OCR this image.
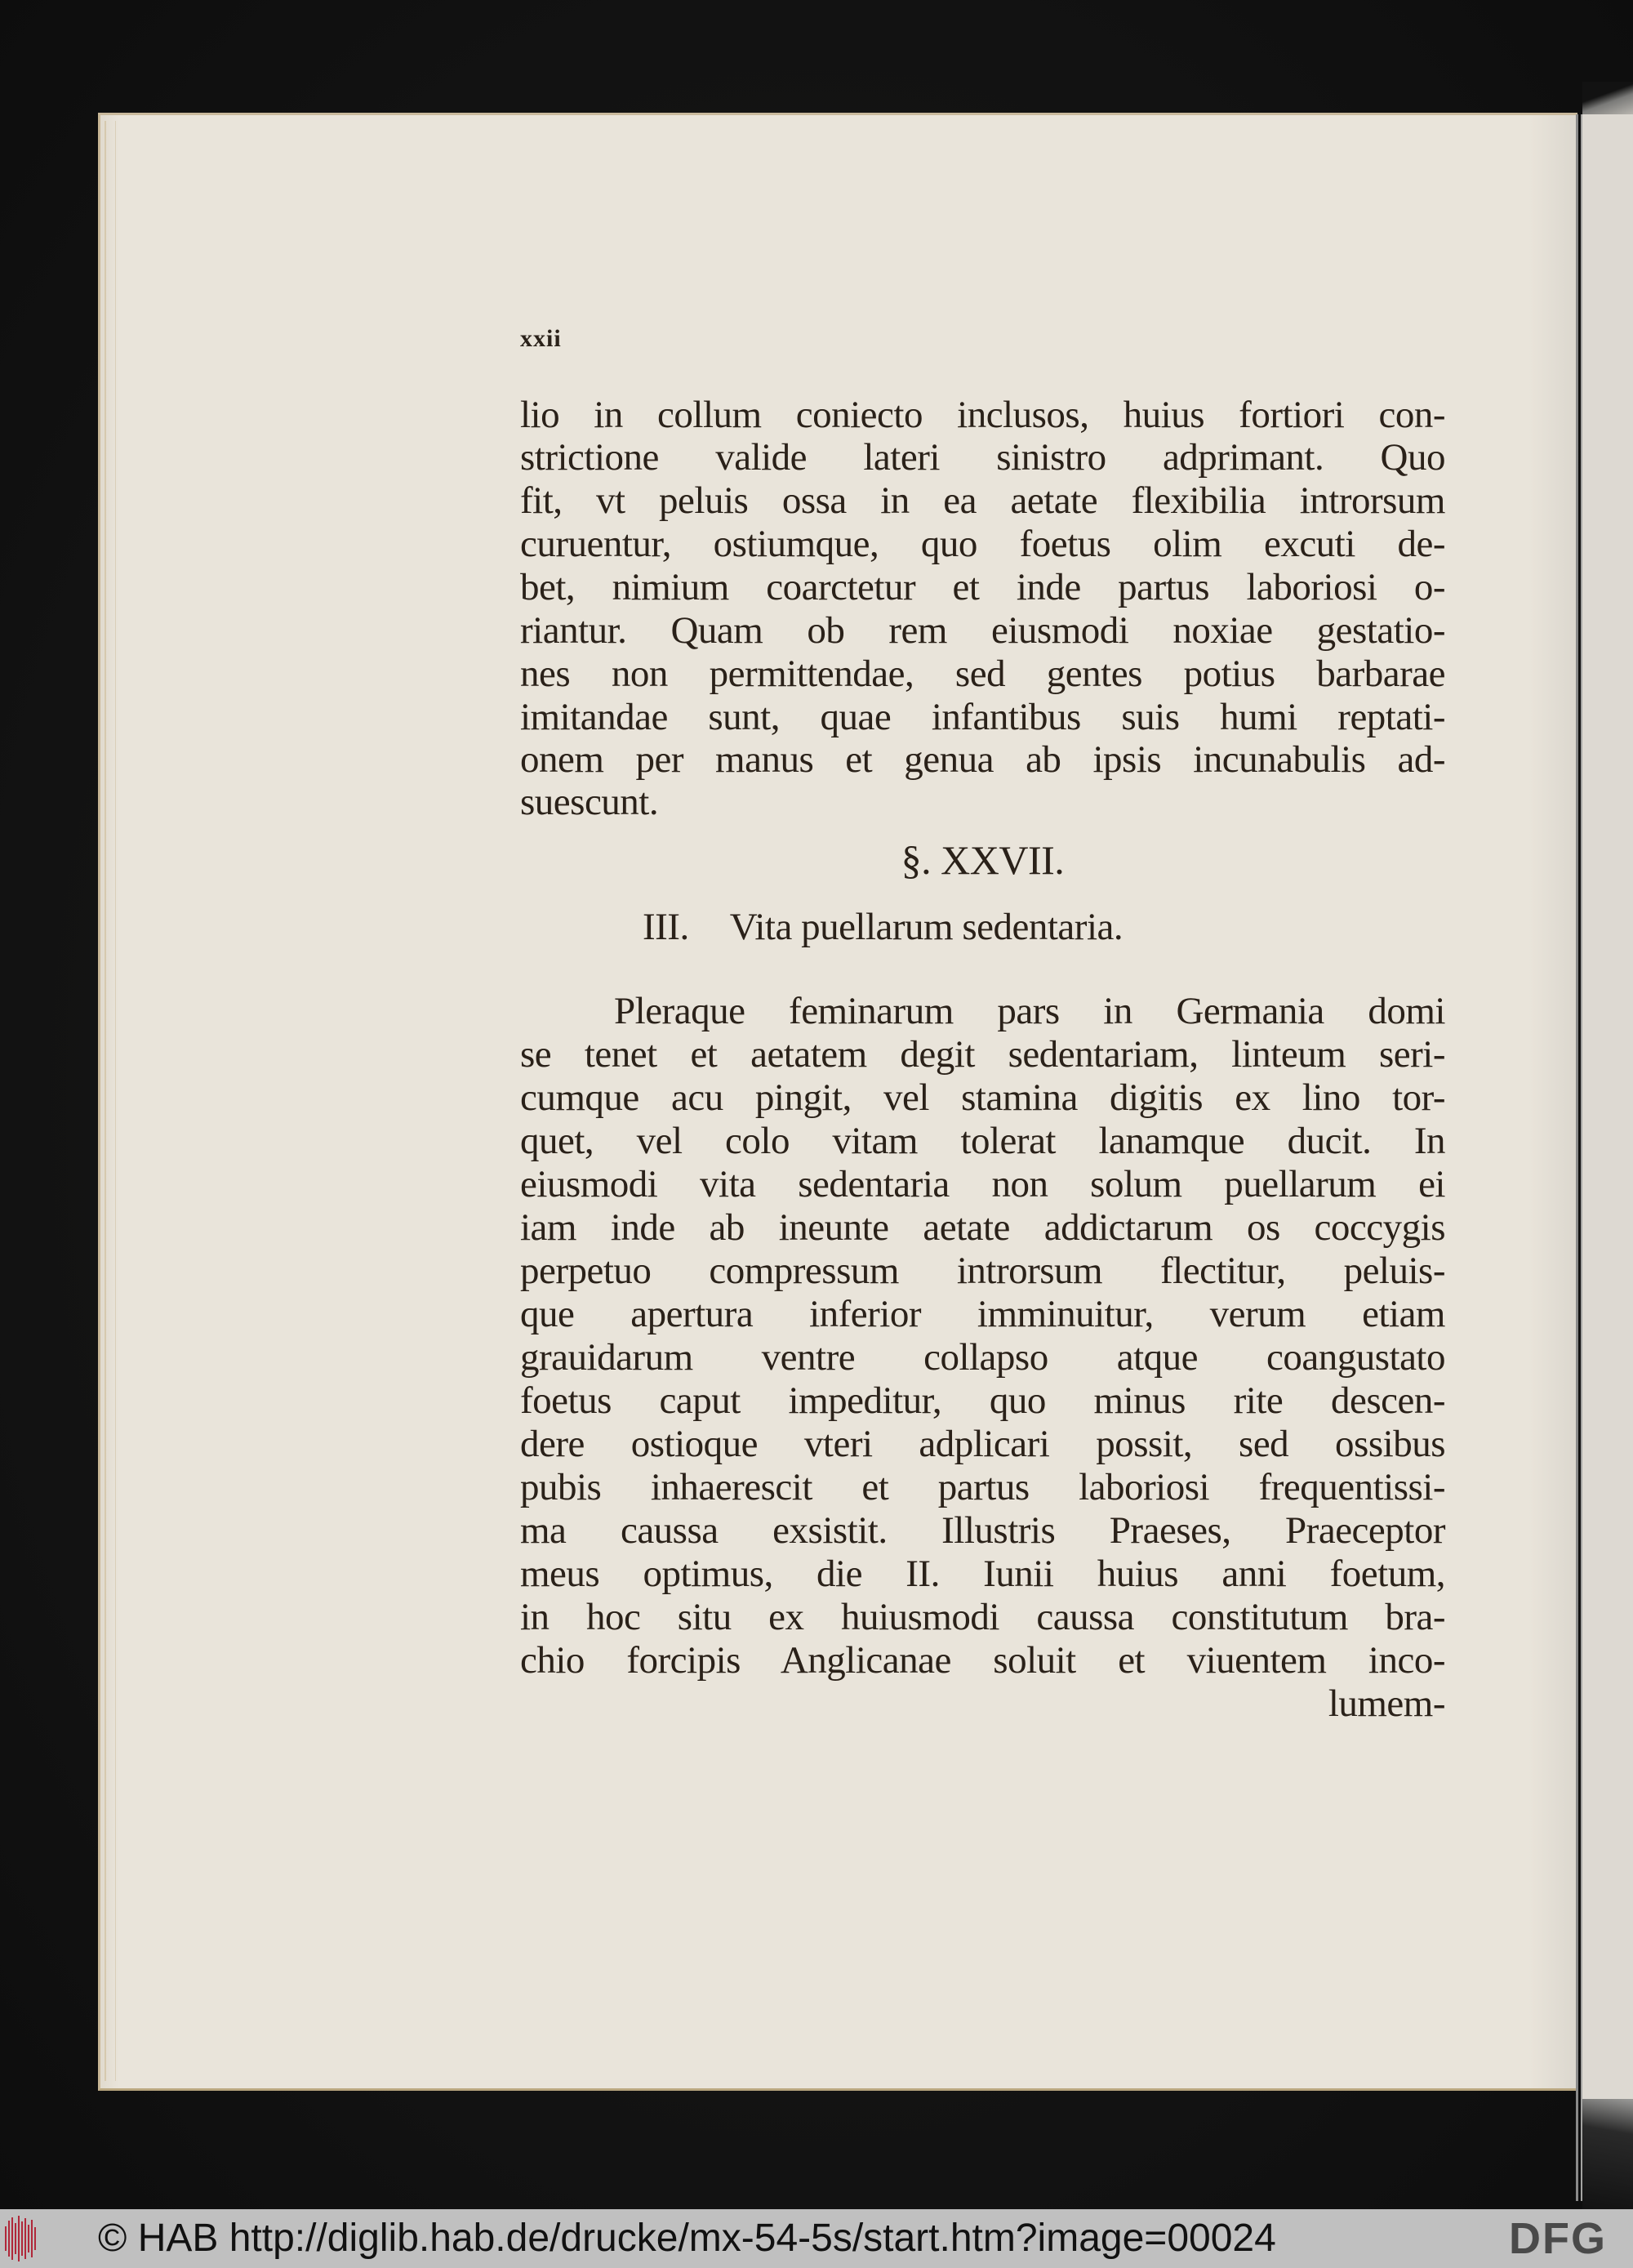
xxii
lio in collum coniecto inclusos, huius fortiori con-
strictione valide lateri sinistro adprimant. Quo
fit, vt peluis ossa in ea aetate flexibilia introrsum
curuentur, ostiumque, quo foetus olim excuti de-
bet, nimium coarctetur et inde partus laboriosi o-
riantur. Quam ob rem eiusmodi noxiae gestatio-
nes non permittendae, sed gentes potius barbarae
imitandae sunt, quae infantibus suis humi reptati-
onem per manus et genua ab ipsis incunabulis ad-
suescunt.
§. XXVII.
III. Vita puellarum sedentaria.
Pleraque feminarum pars in Germania domi
se tenet et aetatem degit sedentariam, linteum seri-
cumque acu pingit, vel stamina digitis ex lino tor-
quet, vel colo vitam tolerat lanamque ducit. In
eiusmodi vita sedentaria non solum puellarum ei
iam inde ab ineunte aetate addictarum os coccygis
perpetuo compressum introrsum flectitur, peluis-
que apertura inferior imminuitur, verum etiam
grauidarum ventre collapso atque coangustato
foetus caput impeditur, quo minus rite descen-
dere ostioque vteri adplicari possit, sed ossibus
pubis inhaerescit et partus laboriosi frequentissi-
ma caussa exsistit. Illustris Praeses, Praeceptor
meus optimus, die II. Iunii huius anni foetum,
in hoc situ ex huiusmodi caussa constitutum bra-
chio forcipis Anglicanae soluit et viuentem inco-
lumem-
© HAB http://diglib.hab.de/drucke/mx-54-5s/start.htm?image=00024	DFG
